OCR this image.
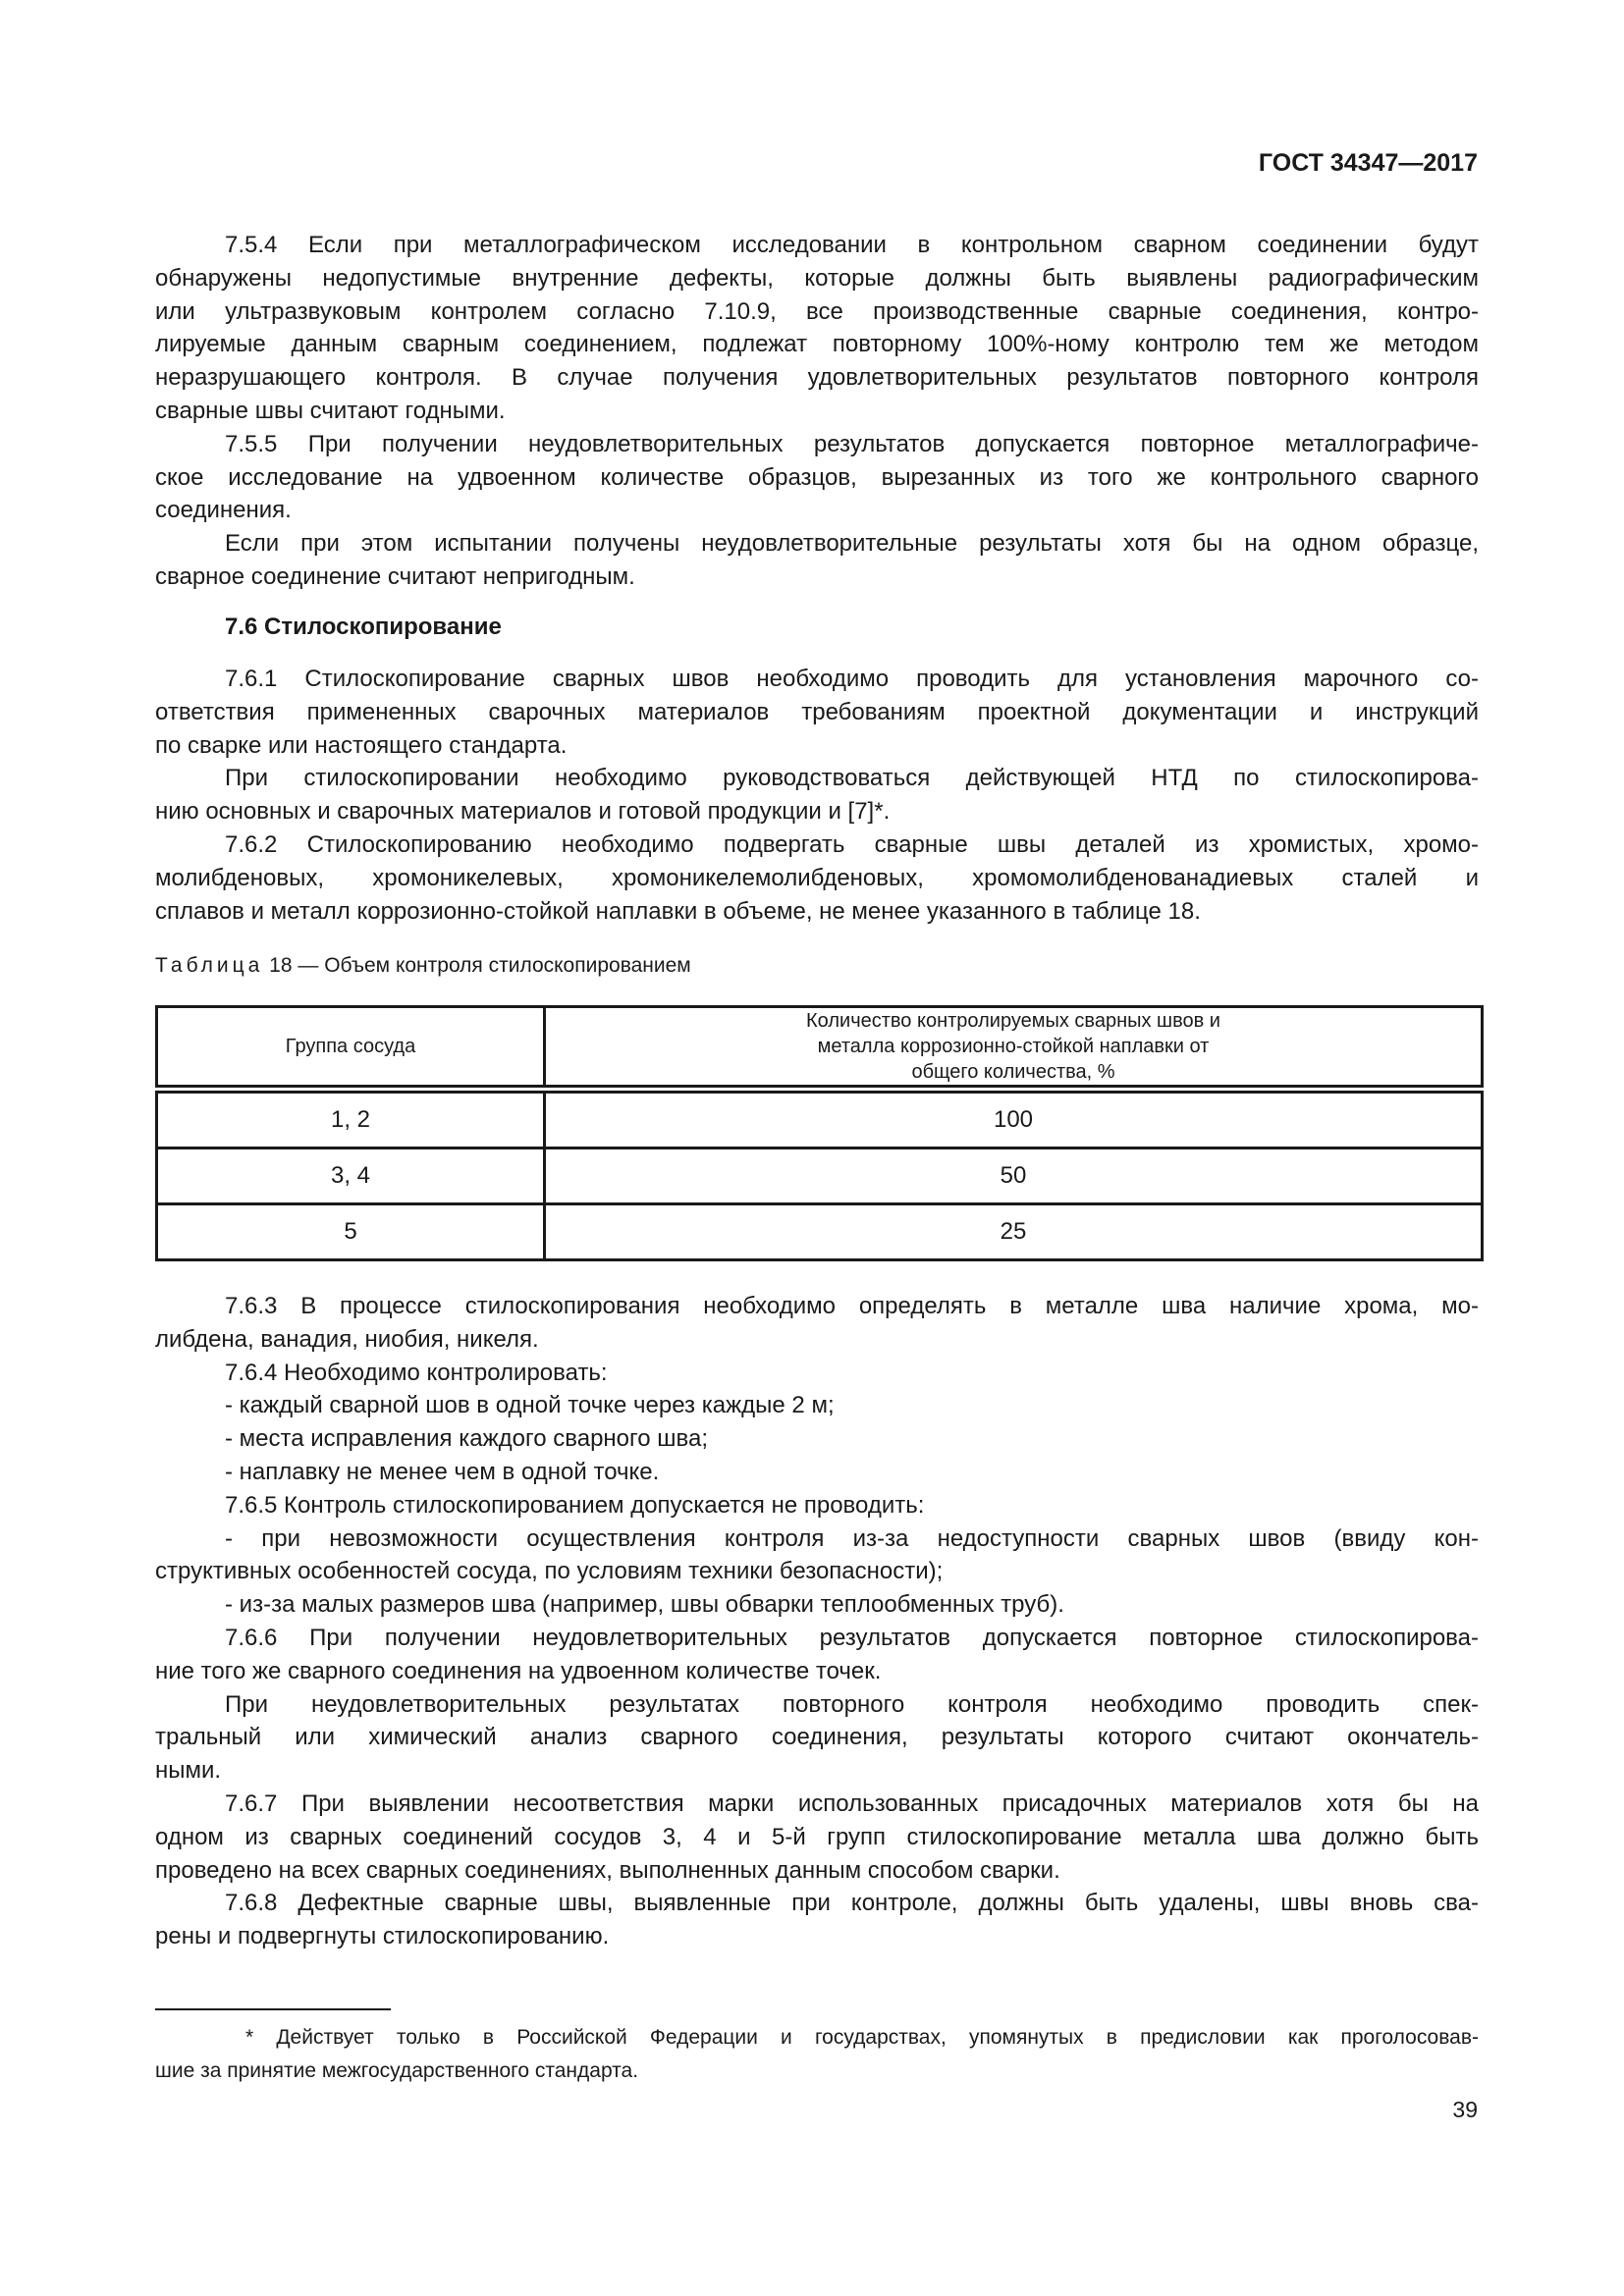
ГОСТ 34347—2017
7.5.4 Если при металлографическом исследовании в контрольном сварном соединении будут
обнаружены недопустимые внутренние дефекты, которые должны быть выявлены радиографическим
или ультразвуковым контролем согласно 7.10.9, все производственные сварные соединения, контро-
лируемые данным сварным соединением, подлежат повторному 100%-ному контролю тем же методом
неразрушающего контроля. В случае получения удовлетворительных результатов повторного контроля
сварные швы считают годными.
7.5.5 При получении неудовлетворительных результатов допускается повторное металлографиче-
ское исследование на удвоенном количестве образцов, вырезанных из того же контрольного сварного
соединения.
Если при этом испытании получены неудовлетворительные результаты хотя бы на одном образце,
сварное соединение считают непригодным.
7.6 Стилоскопирование
7.6.1 Стилоскопирование сварных швов необходимо проводить для установления марочного со-
ответствия примененных сварочных материалов требованиям проектной документации и инструкций
по сварке или настоящего стандарта.
При стилоскопировании необходимо руководствоваться действующей НТД по стилоскопирова-
нию основных и сварочных материалов и готовой продукции и [7]*.
7.6.2 Стилоскопированию необходимо подвергать сварные швы деталей из хромистых, хромо-
молибденовых, хромоникелевых, хромоникелемолибденовых, хромомолибденованадиевых сталей и
сплавов и металл коррозионно-стойкой наплавки в объеме, не менее указанного в таблице 18.
Таблица 18 — Объем контроля стилоскопированием
Группа сосуда	Количество контролируемых сварных швов и металла коррозионно-стойкой наплавки от общего количества, %

1, 2	100
3, 4	50
5	25
7.6.3 В процессе стилоскопирования необходимо определять в металле шва наличие хрома, мо-
либдена, ванадия, ниобия, никеля.
7.6.4 Необходимо контролировать:
- каждый сварной шов в одной точке через каждые 2 м;
- места исправления каждого сварного шва;
- наплавку не менее чем в одной точке.
7.6.5 Контроль стилоскопированием допускается не проводить:
- при невозможности осуществления контроля из-за недоступности сварных швов (ввиду кон-
структивных особенностей сосуда, по условиям техники безопасности);
- из-за малых размеров шва (например, швы обварки теплообменных труб).
7.6.6 При получении неудовлетворительных результатов допускается повторное стилоскопирова-
ние того же сварного соединения на удвоенном количестве точек.
При неудовлетворительных результатах повторного контроля необходимо проводить спек-
тральный или химический анализ сварного соединения, результаты которого считают окончатель-
ными.
7.6.7 При выявлении несоответствия марки использованных присадочных материалов хотя бы на
одном из сварных соединений сосудов 3, 4 и 5-й групп стилоскопирование металла шва должно быть
проведено на всех сварных соединениях, выполненных данным способом сварки.
7.6.8 Дефектные сварные швы, выявленные при контроле, должны быть удалены, швы вновь сва-
рены и подвергнуты стилоскопированию.
* Действует только в Российской Федерации и государствах, упомянутых в предисловии как проголосовав-
шие за принятие межгосударственного стандарта.
39
